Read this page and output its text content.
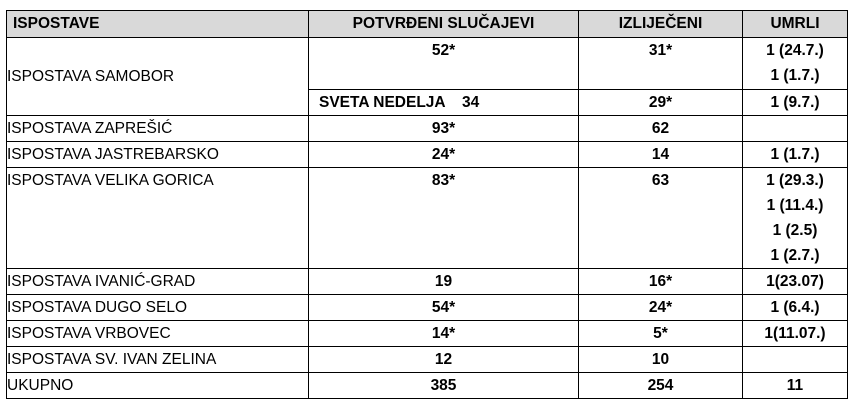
ISPOSTAVE	POTVRĐENI SLUČAJEVI	IZLIJEČENI	UMRLI

ISPOSTAVA SAMOBOR	52*	31*	1 (24.7.)
1 (1.7.)

	SVETA NEDELJA 34	29*	1 (9.7.)

ISPOSTAVA ZAPREŠIĆ	93*	62	

ISPOSTAVA JASTREBARSKO	24*	14	1 (1.7.)

ISPOSTAVA VELIKA GORICA	83*	63	1 (29.3.)
1 (11.4.)
1 (2.5)
1 (2.7.)

ISPOSTAVA IVANIĆ-GRAD	19	16*	1(23.07)

ISPOSTAVA DUGO SELO	54*	24*	1 (6.4.)

ISPOSTAVA VRBOVEC	14*	5*	1(11.07.)

ISPOSTAVA SV. IVAN ZELINA	12	10	

UKUPNO	385	254	11
